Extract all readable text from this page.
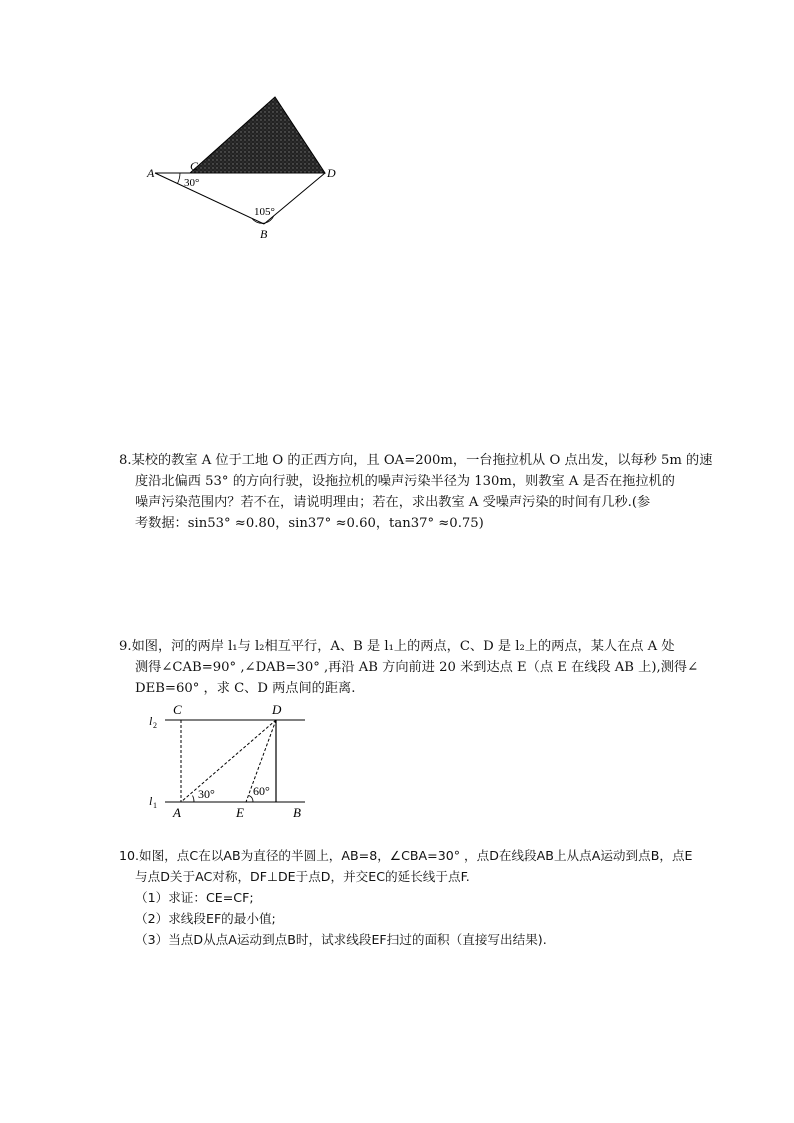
A	C	D
B
30°
105°
8.某校的教室 A 位于工地 O 的正西方向，且 OA=200m，一台拖拉机从 O 点出发，以每秒 5m 的速
度沿北偏西 53° 的方向行驶，设拖拉机的噪声污染半径为 130m，则教室 A 是否在拖拉机的
噪声污染范围内？若不在，请说明理由；若在，求出教室 A 受噪声污染的时间有几秒.(参
考数据：sin53° ≈0.80，sin37° ≈0.60，tan37° ≈0.75)
9.如图，河的两岸 l₁与 l₂相互平行，A、B 是 l₁上的两点，C、D 是 l₂上的两点，某人在点 A 处
测得∠CAB=90° ,∠DAB=30° ,再沿 AB 方向前进 20 米到达点 E（点 E 在线段 AB 上),测得∠
DEB=60° ，求 C、D 两点间的距离.
C	D
l 2
l 1
30°	60°
A	E	B
10.如图，点C在以AB为直径的半圆上，AB=8，∠CBA=30° ，点D在线段AB上从点A运动到点B，点E
与点D关于AC对称，DF⊥DE于点D，并交EC的延长线于点F.
（1）求证：CE=CF;
（2）求线段EF的最小值;
（3）当点D从点A运动到点B时，试求线段EF扫过的面积（直接写出结果).
